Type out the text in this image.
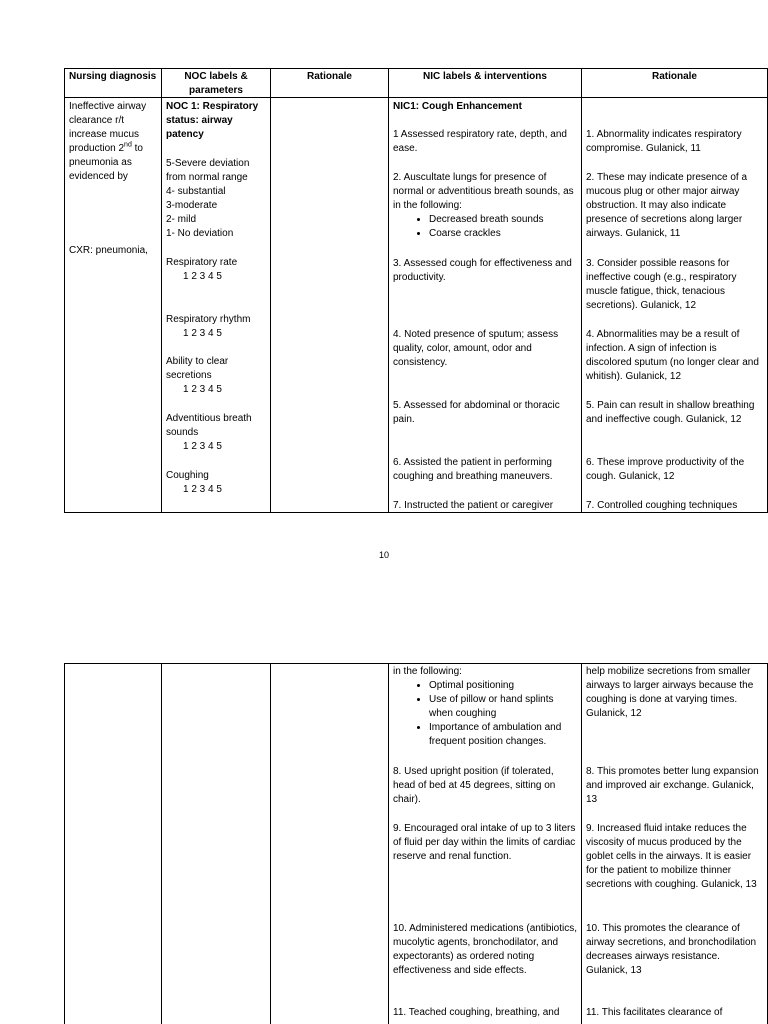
Nursing diagnosis
Ineffective airway
clearance r/t
increase mucus
production 2nd to
pneumonia as
evidenced by
CXR: pneumonia,
NOC labels & parameters
NOC 1: Respiratory status: airway patency
5-Severe deviation from normal range
4- substantial
3-moderate
2- mild
1- No deviation
Respiratory rate
1 2 3 4 5
Respiratory rhythm
1 2 3 4 5
Ability to clear secretions
1 2 3 4 5
Adventitious breath sounds
1 2 3 4 5
Coughing
1 2 3 4 5
Rationale	NIC labels & interventions
NIC1: Cough Enhancement
1 Assessed respiratory rate, depth, and ease.
2. Auscultate lungs for presence of normal or adventitious breath sounds, as in the following:
• Decreased breath sounds
• Coarse crackles
3. Assessed cough for effectiveness and productivity.
4. Noted presence of sputum; assess quality, color, amount, odor and consistency.
5. Assessed for abdominal or thoracic pain.
6. Assisted the patient in performing coughing and breathing maneuvers.
7. Instructed the patient or caregiver
Rationale
1. Abnormality indicates respiratory compromise. Gulanick, 11
2. These may indicate presence of a mucous plug or other major airway obstruction. It may also indicate presence of secretions along larger airways. Gulanick, 11
3. Consider possible reasons for ineffective cough (e.g., respiratory muscle fatigue, thick, tenacious secretions). Gulanick, 12
4. Abnormalities may be a result of infection. A sign of infection is discolored sputum (no longer clear and whitish). Gulanick, 12
5. Pain can result in shallow breathing and ineffective cough. Gulanick, 12
6. These improve productivity of the cough. Gulanick, 12
7. Controlled coughing techniques
10
in the following:
• Optimal positioning
• Use of pillow or hand splints when coughing
• Importance of ambulation and frequent position changes.
8. Used upright position (if tolerated, head of bed at 45 degrees, sitting on chair).
9. Encouraged oral intake of up to 3 liters of fluid per day within the limits of cardiac reserve and renal function.
10. Administered medications (antibiotics, mucolytic agents, bronchodilator, and expectorants) as ordered noting effectiveness and side effects.
11. Teached coughing, breathing, and
help mobilize secretions from smaller airways to larger airways because the coughing is done at varying times. Gulanick, 12
8. This promotes better lung expansion and improved air exchange. Gulanick, 13
9. Increased fluid intake reduces the viscosity of mucus produced by the goblet cells in the airways. It is easier for the patient to mobilize thinner secretions with coughing. Gulanick, 13
10. This promotes the clearance of airway secretions, and bronchodilation decreases airways resistance. Gulanick, 13
11. This facilitates clearance of
